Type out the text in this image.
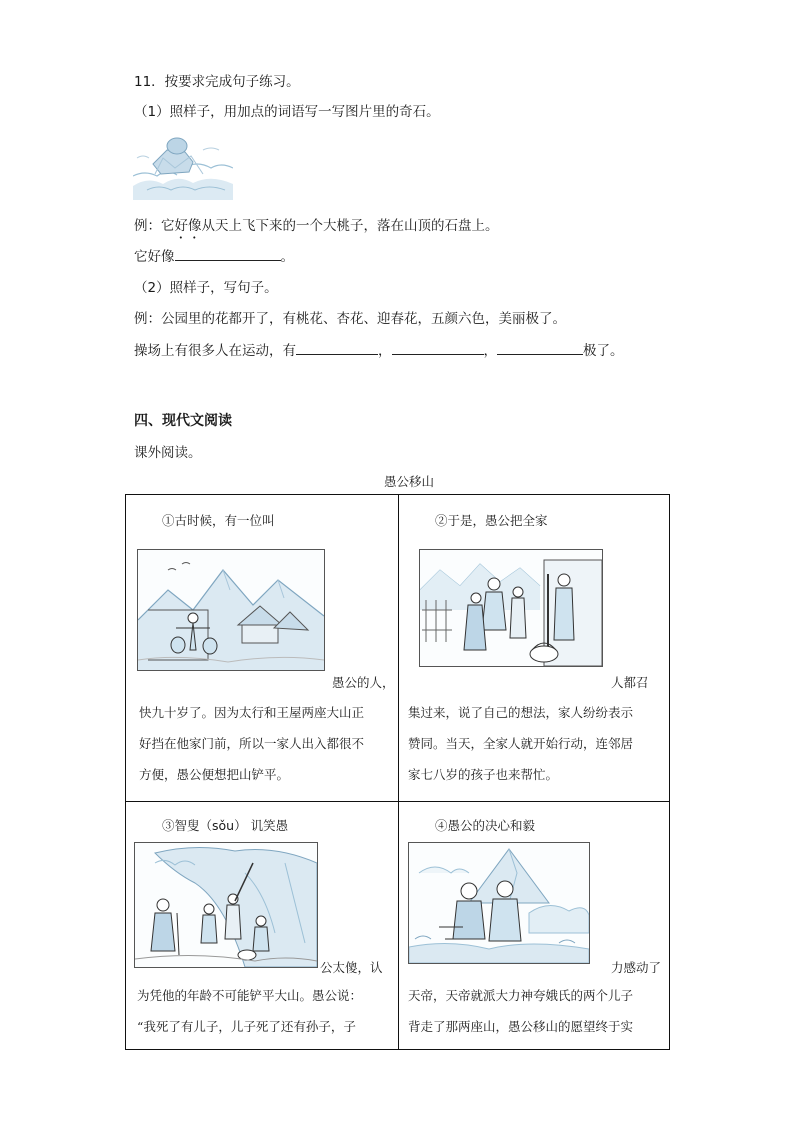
11．按要求完成句子练习。
（1）照样子，用加点的词语写一写图片里的奇石。
例：它好像从天上飞下来的一个大桃子，落在山顶的石盘上。
它好像	。
（2）照样子，写句子。
例：公园里的花都开了，有桃花、杏花、迎春花，五颜六色，美丽极了。
操场上有很多人在运动，有	，	，	极了。
四、现代文阅读
课外阅读。
愚公移山
①古时候，有一位叫
愚公的人，
快九十岁了。因为太行和王屋两座大山正
好挡在他家门前，所以一家人出入都很不
方便，愚公便想把山铲平。
②于是，愚公把全家
人都召
集过来，说了自己的想法，家人纷纷表示
赞同。当天，全家人就开始行动，连邻居
家七八岁的孩子也来帮忙。
③智叟（sǒu） 讥笑愚
公太傻，认
为凭他的年龄不可能铲平大山。愚公说：
“我死了有儿子，儿子死了还有孙子，子
④愚公的决心和毅
力感动了
天帝，天帝就派大力神夸娥氏的两个儿子
背走了那两座山，愚公移山的愿望终于实
